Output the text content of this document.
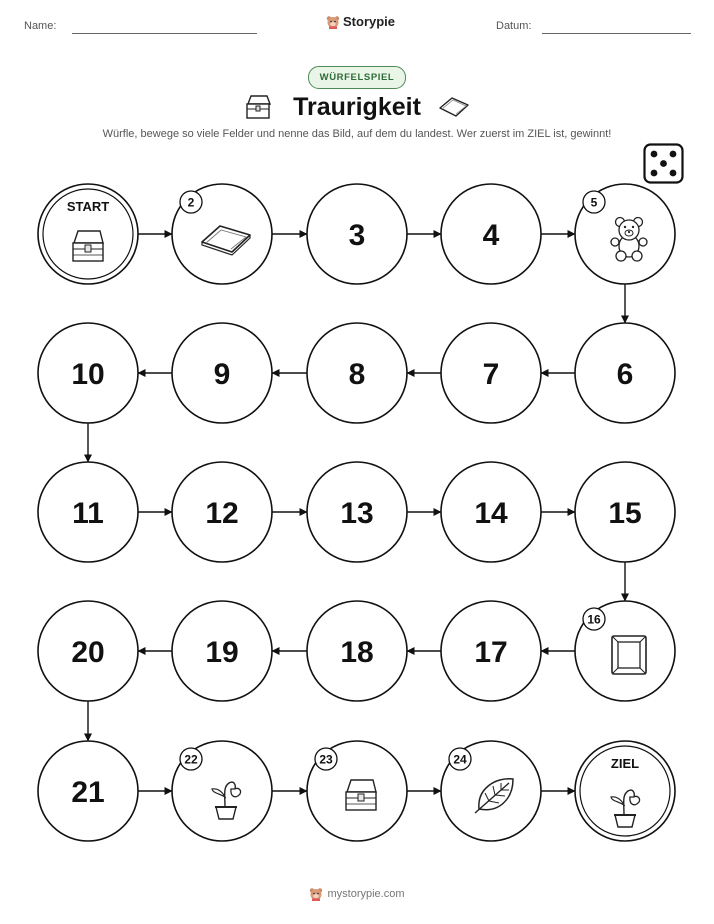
Name:	Storypie	Datum:
WÜRFELSPIEL
Traurigkeit
Würfle, bewege so viele Felder und nenne das Bild, auf dem du landest. Wer zuerst im ZIEL ist, gewinnt!
START	2
3	4
5
10	9	8	7	6
11	12	13	14	15
20	19	18	17
16
21
22	23	24	ZIEL
mystorypie.com
